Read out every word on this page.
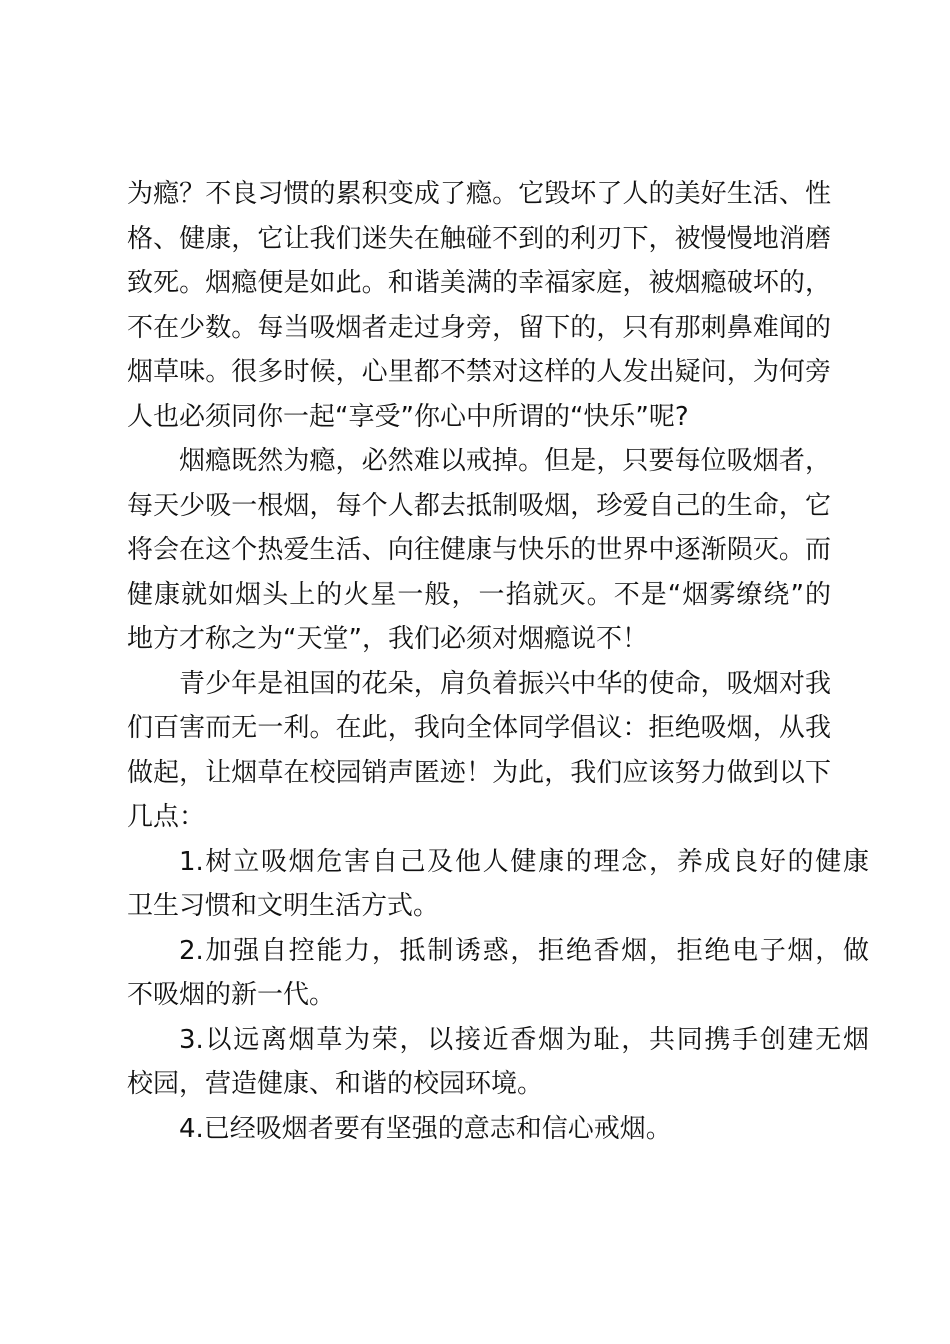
为瘾？不良习惯的累积变成了瘾。它毁坏了人的美好生活、性
格、健康，它让我们迷失在触碰不到的利刃下，被慢慢地消磨
致死。烟瘾便是如此。和谐美满的幸福家庭，被烟瘾破坏的，
不在少数。每当吸烟者走过身旁，留下的，只有那刺鼻难闻的
烟草味。很多时候，心里都不禁对这样的人发出疑问，为何旁
人也必须同你一起“享受”你心中所谓的“快乐”呢?
烟瘾既然为瘾，必然难以戒掉。但是，只要每位吸烟者，
每天少吸一根烟，每个人都去抵制吸烟，珍爱自己的生命，它
将会在这个热爱生活、向往健康与快乐的世界中逐渐陨灭。而
健康就如烟头上的火星一般，一掐就灭。不是“烟雾缭绕”的
地方才称之为“天堂”，我们必须对烟瘾说不！
青少年是祖国的花朵，肩负着振兴中华的使命，吸烟对我
们百害而无一利。在此，我向全体同学倡议：拒绝吸烟，从我
做起，让烟草在校园销声匿迹！为此，我们应该努力做到以下
几点：
1.树立吸烟危害自己及他人健康的理念，养成良好的健康
卫生习惯和文明生活方式。
2.加强自控能力，抵制诱惑，拒绝香烟，拒绝电子烟，做
不吸烟的新一代。
3.以远离烟草为荣，以接近香烟为耻，共同携手创建无烟
校园，营造健康、和谐的校园环境。
4.已经吸烟者要有坚强的意志和信心戒烟。
